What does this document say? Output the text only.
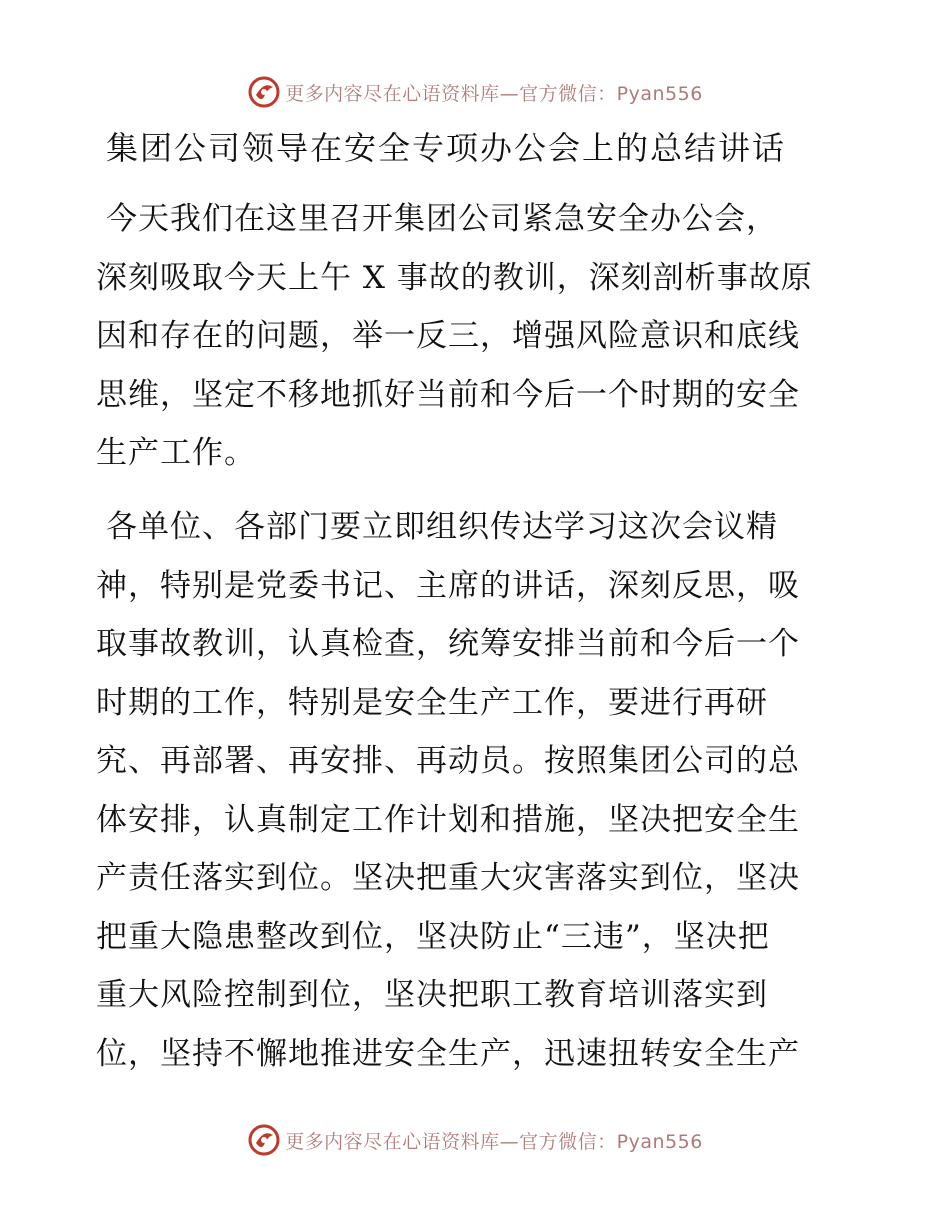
更多内容尽在心语资料库—官方微信：Pyan556
集团公司领导在安全专项办公会上的总结讲话
今天我们在这里召开集团公司紧急安全办公会，
深刻吸取今天上午 X 事故的教训，深刻剖析事故原
因和存在的问题，举一反三，增强风险意识和底线
思维，坚定不移地抓好当前和今后一个时期的安全
生产工作。
各单位、各部门要立即组织传达学习这次会议精
神，特别是党委书记、主席的讲话，深刻反思，吸
取事故教训，认真检查，统筹安排当前和今后一个
时期的工作，特别是安全生产工作，要进行再研
究、再部署、再安排、再动员。按照集团公司的总
体安排，认真制定工作计划和措施，坚决把安全生
产责任落实到位。坚决把重大灾害落实到位，坚决
把重大隐患整改到位，坚决防止“三违”，坚决把
重大风险控制到位，坚决把职工教育培训落实到
位，坚持不懈地推进安全生产，迅速扭转安全生产
更多内容尽在心语资料库—官方微信：Pyan556
